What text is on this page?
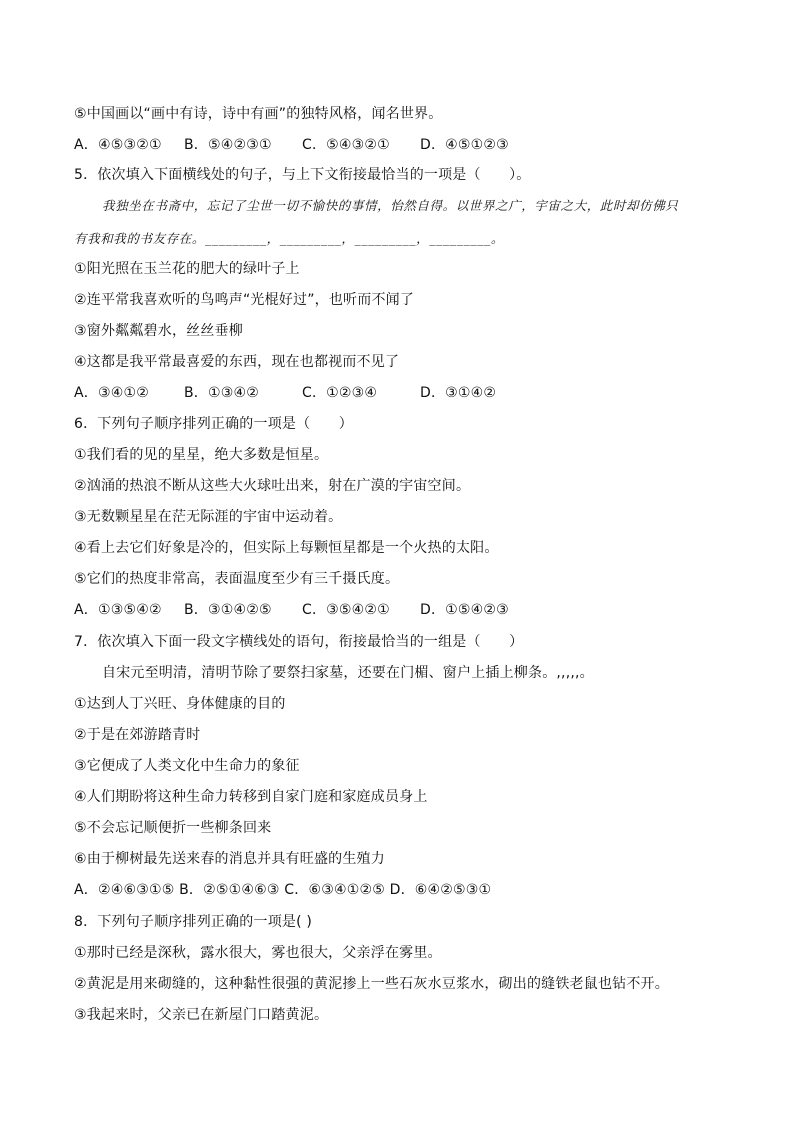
⑤中国画以“画中有诗，诗中有画”的独特风格，闻名世界。
A．④⑤③②① B．⑤④②③① C．⑤④③②① D．④⑤①②③
5．依次填入下面横线处的句子，与上下文衔接最恰当的一项是（　　）。
我独坐在书斋中，忘记了尘世一切不愉快的事情，怡然自得。以世界之广，宇宙之大，此时却仿佛只
有我和我的书友存在。_________，_________，_________，_________。
①阳光照在玉兰花的肥大的绿叶子上
②连平常我喜欢听的鸟鸣声“光棍好过”，也听而不闻了
③窗外粼粼碧水，丝丝垂柳
④这都是我平常最喜爱的东西，现在也都视而不见了
A．③④①②	B．①③④②	C．①②③④	D．③①④②
6．下列句子顺序排列正确的一项是（　　）
①我们看的见的星星，绝大多数是恒星。
②汹涌的热浪不断从这些大火球吐出来，射在广漠的宇宙空间。
③无数颗星星在茫无际涯的宇宙中运动着。
④看上去它们好象是冷的，但实际上每颗恒星都是一个火热的太阳。
⑤它们的热度非常高，表面温度至少有三千摄氏度。
A．①③⑤④② B．③①④②⑤ C．③⑤④②① D．①⑤④②③
7．依次填入下面一段文字横线处的语句，衔接最恰当的一组是（　　）
自宋元至明清，清明节除了要祭扫家墓，还要在门楣、窗户上插上柳条。,,,,,。
①达到人丁兴旺、身体健康的目的
②于是在郊游踏青时
③它便成了人类文化中生命力的象征
④人们期盼将这种生命力转移到自家门庭和家庭成员身上
⑤不会忘记顺便折一些柳条回来
⑥由于柳树最先送来春的消息并具有旺盛的生殖力
A．②④⑥③①⑤ B．②⑤①④⑥③ C．⑥③④①②⑤ D．⑥④②⑤③①
8．下列句子顺序排列正确的一项是( )
①那时已经是深秋，露水很大，雾也很大，父亲浮在雾里。
②黄泥是用来砌缝的，这种黏性很强的黄泥掺上一些石灰水豆浆水，砌出的缝铁老鼠也钻不开。
③我起来时，父亲已在新屋门口踏黄泥。
